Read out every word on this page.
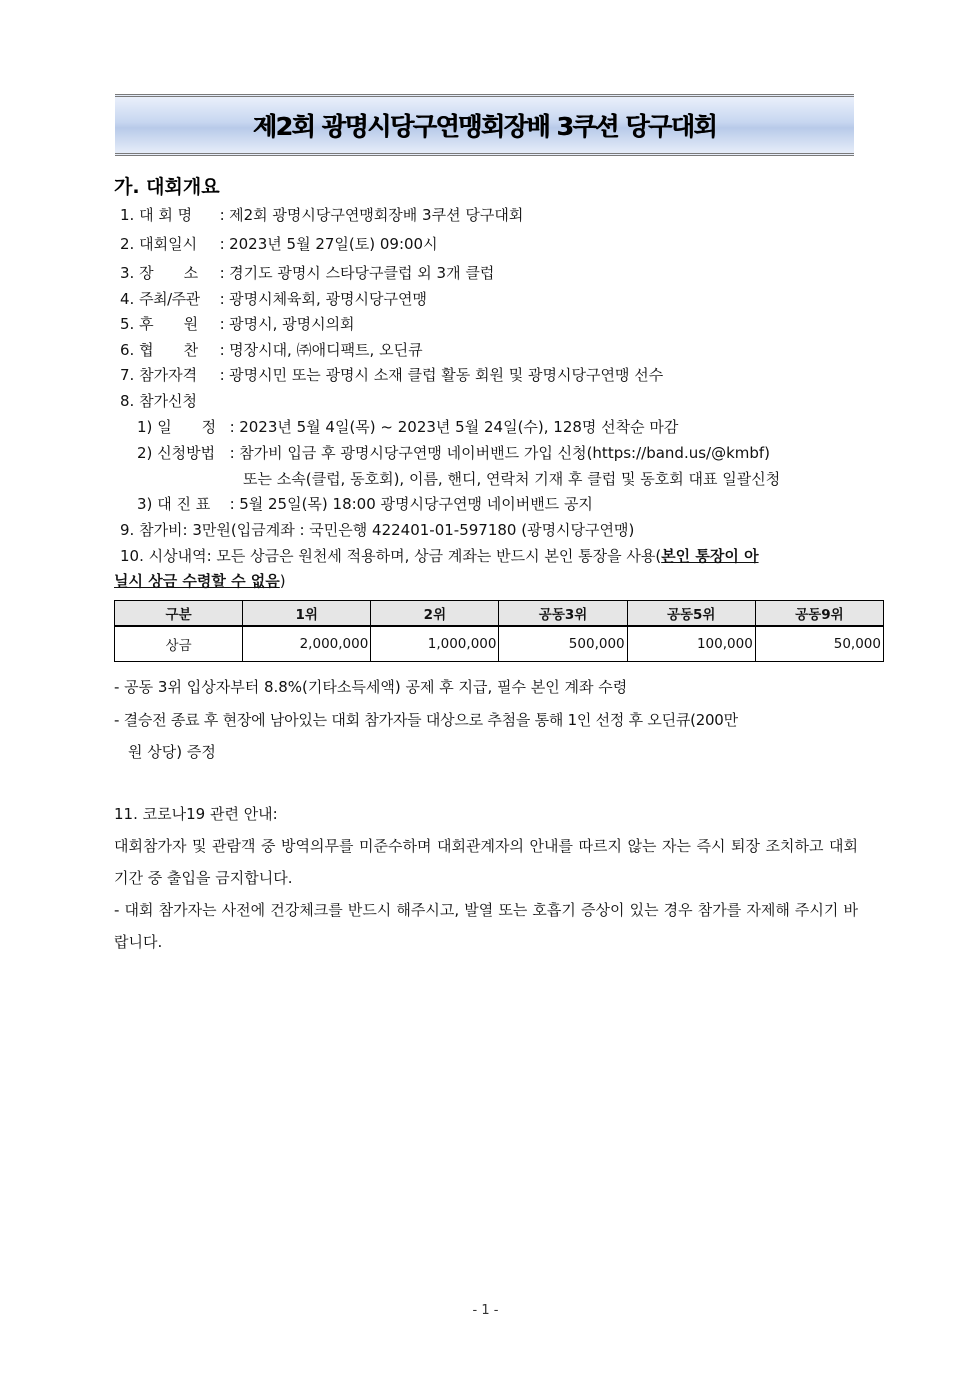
제2회 광명시당구연맹회장배 3쿠션 당구대회
가. 대회개요
1. 대 회 명 : 제2회 광명시당구연맹회장배 3쿠션 당구대회
2. 대회일시 : 2023년 5월 27일(토) 09:00시
3. 장　　소 : 경기도 광명시 스타당구클럽 외 3개 클럽
4. 주최/주관 : 광명시체육회, 광명시당구연맹
5. 후　　원 : 광명시, 광명시의회
6. 협　　찬 : 명장시대, ㈜애디팩트, 오딘큐
7. 참가자격 : 광명시민 또는 광명시 소재 클럽 활동 회원 및 광명시당구연맹 선수
8. 참가신청
1) 일　　정 : 2023년 5월 4일(목) ~ 2023년 5월 24일(수), 128명 선착순 마감
2) 신청방법 : 참가비 입금 후 광명시당구연맹 네이버밴드 가입 신청(https://band.us/@kmbf)
또는 소속(클럽, 동호회), 이름, 핸디, 연락처 기재 후 클럽 및 동호회 대표 일괄신청
3) 대 진 표 : 5월 25일(목) 18:00 광명시당구연맹 네이버밴드 공지
9. 참가비: 3만원(입금계좌 : 국민은행 422401-01-597180 (광명시당구연맹)
10. 시상내역: 모든 상금은 원천세 적용하며, 상금 계좌는 반드시 본인 통장을 사용(본인 통장이 아
닐시 상금 수령할 수 없음)
구분	1위	2위	공동3위	공동5위	공동9위
상금	2,000,000	1,000,000	500,000	100,000	50,000
- 공동 3위 입상자부터 8.8%(기타소득세액) 공제 후 지급, 필수 본인 계좌 수령
- 결승전 종료 후 현장에 남아있는 대회 참가자들 대상으로 추첨을 통해 1인 선정 후 오딘큐(200만
원 상당) 증정
11. 코로나19 관련 안내:
대회참가자 및 관람객 중 방역의무를 미준수하며 대회관계자의 안내를 따르지 않는 자는 즉시 퇴장 조치하고 대회기간 중 출입을 금지합니다.
- 대회 참가자는 사전에 건강체크를 반드시 해주시고, 발열 또는 호흡기 증상이 있는 경우 참가를 자제해 주시기 바랍니다.
- 1 -
